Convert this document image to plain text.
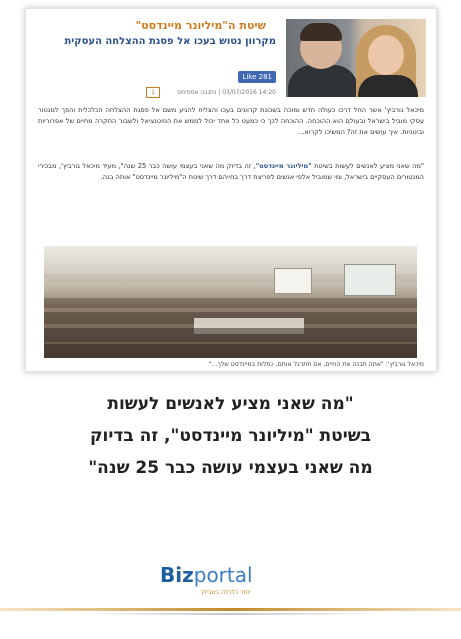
שיטת ה"מיליונר מיינדסט"
מקרוון נטוש בעכו אל פסגת ההצלחה העסקית
Like 281
14:20 03/07/2016 | נתנבה אמפימס
1
מיכאל גורביץ' אשר החל דרכו כעולה חדש ומוכה בשכונת קרוונים בעכו והצליח להגיע משם אל פסגת ההצלחה הכלכלית והפך למנטור עסקי מוביל בישראל ובעולם הוא ההוכחה. ההוכחה לכך כי כמעט כל אחד יכול לממש את הפוטנציאל ולשבור התקרה מחיים של אפרוריות ובינוניות. איך עושים את זה? המשיכו לקרוא...
"מה שאני מציע לאנשים לעשות בשיטת "מיליונר מיינדסט", זה בדיוק מה שאני בעצמי עושה כבר 25 שנה", מעיד מיכאל גורביץ', מבכירי המנטורים העסקיים בישראל, ומי שמוביל אלפי אנשים לפריצת דרך בחייהם דרך שיטת ה"מיליונר מיינדסט" אותה בנה.
מיכאל גורביץ': "אתה תבנה את החיים, אם תתרגל אותם, כתלות במיינדסט שלך..."
"מה שאני מציע לאנשים לעשות
בשיטת "מיליונר מיינדסט", זה בדיוק
מה שאני בעצמי עושה כבר 25 שנה"
Bizportal
יותר כלכלה בשבילך
